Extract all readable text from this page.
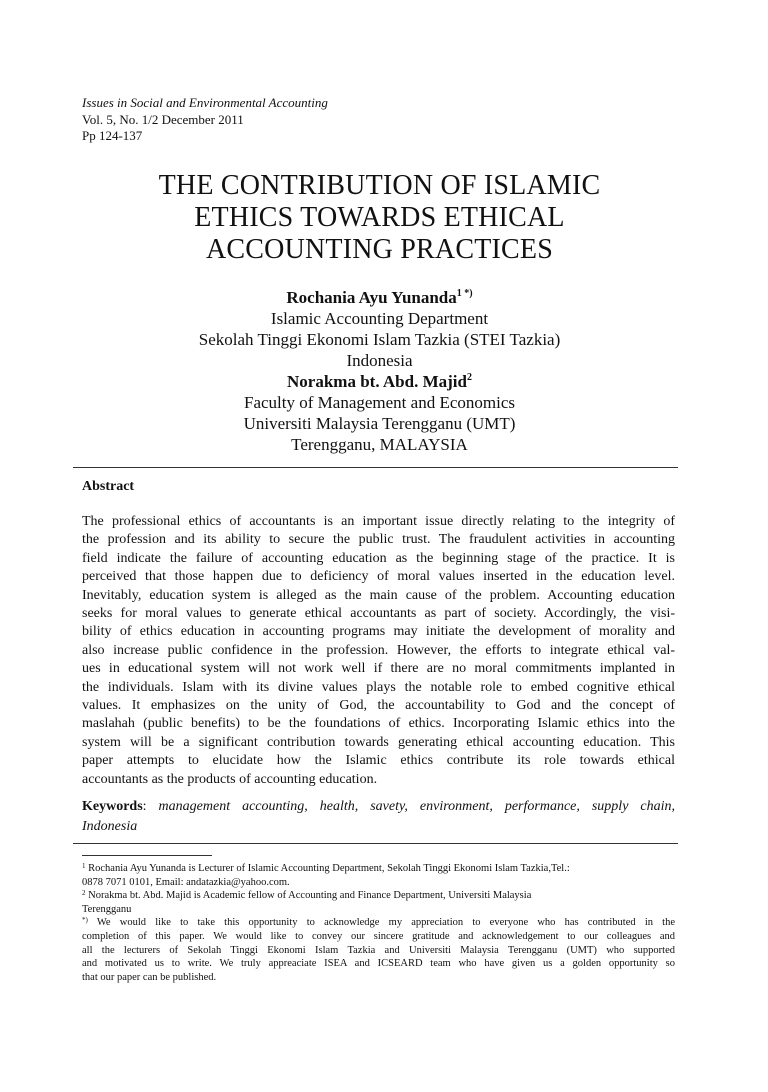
Issues in Social and Environmental Accounting
Vol. 5, No. 1/2 December 2011
Pp 124-137
THE CONTRIBUTION OF ISLAMIC
ETHICS TOWARDS ETHICAL
ACCOUNTING PRACTICES
Rochania Ayu Yunanda$^{1 *)}$
Islamic Accounting Department
Sekolah Tinggi Ekonomi Islam Tazkia (STEI Tazkia)
Indonesia
Norakma bt. Abd. Majid$^2$
Faculty of Management and Economics
Universiti Malaysia Terengganu (UMT)
Terengganu, MALAYSIA
Abstract
The professional ethics of accountants is an important issue directly relating to the integrity of
the profession and its ability to secure the public trust. The fraudulent activities in accounting
field indicate the failure of accounting education as the beginning stage of the practice. It is
perceived that those happen due to deficiency of moral values inserted in the education level.
Inevitably, education system is alleged as the main cause of the problem. Accounting education
seeks for moral values to generate ethical accountants as part of society. Accordingly, the visi-
bility of ethics education in accounting programs may initiate the development of morality and
also increase public confidence in the profession. However, the efforts to integrate ethical val-
ues in educational system will not work well if there are no moral commitments implanted in
the individuals. Islam with its divine values plays the notable role to embed cognitive ethical
values. It emphasizes on the unity of God, the accountability to God and the concept of
maslahah (public benefits) to be the foundations of ethics. Incorporating Islamic ethics into the
system will be a significant contribution towards generating ethical accounting education. This
paper attempts to elucidate how the Islamic ethics contribute its role towards ethical
accountants as the products of accounting education.
Keywords: management accounting, health, savety, environment, performance, supply chain,
Indonesia
$^1$ Rochania Ayu Yunanda is Lecturer of Islamic Accounting Department, Sekolah Tinggi Ekonomi Islam Tazkia,Tel.:
0878 7071 0101, Email: andatazkia@yahoo.com.
$^2$ Norakma bt. Abd. Majid is Academic fellow of Accounting and Finance Department, Universiti Malaysia
Terengganu
*) We would like to take this opportunity to acknowledge my appreciation to everyone who has contributed in the
completion of this paper. We would like to convey our sincere gratitude and acknowledgement to our colleagues and
all the lecturers of Sekolah Tinggi Ekonomi Islam Tazkia and Universiti Malaysia Terengganu (UMT) who supported
and motivated us to write. We truly appreaciate ISEA and ICSEARD team who have given us a golden opportunity so
that our paper can be published.
